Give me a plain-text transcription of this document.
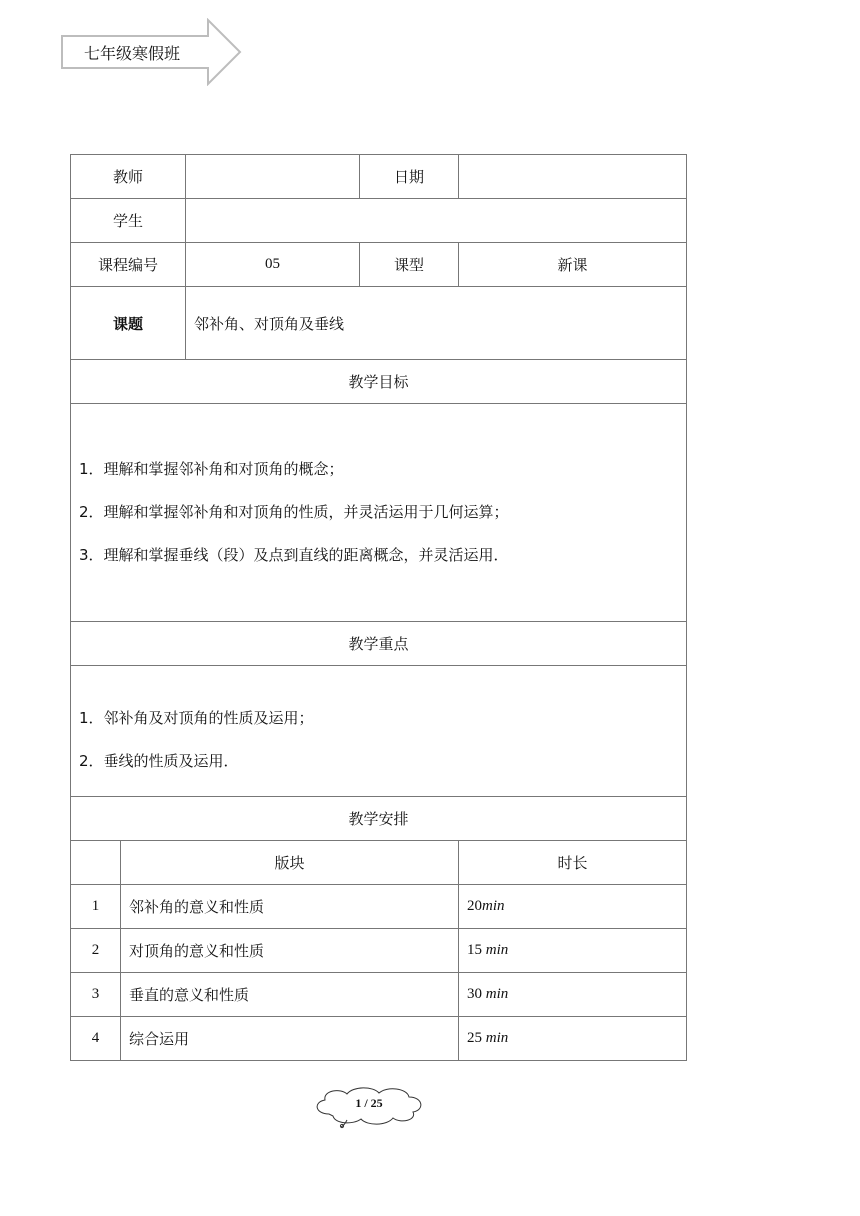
七年级寒假班
教师			日期	
学生				
课程编号		05	课型	新课
课题		邻补角、对顶角及垂线		
教学目标				

1．理解和掌握邻补角和对顶角的概念；

2．理解和掌握邻补角和对顶角的性质，并灵活运用于几何运算；

3．理解和掌握垂线（段）及点到直线的距离概念，并灵活运用．				

教学重点				

1．邻补角及对顶角的性质及运用；

2．垂线的性质及运用．				

教学安排				
	版块			时长
1	邻补角的意义和性质			20min
2	对顶角的意义和性质			15 min
3	垂直的意义和性质			30 min
4	综合运用			25 min
1 / 25
